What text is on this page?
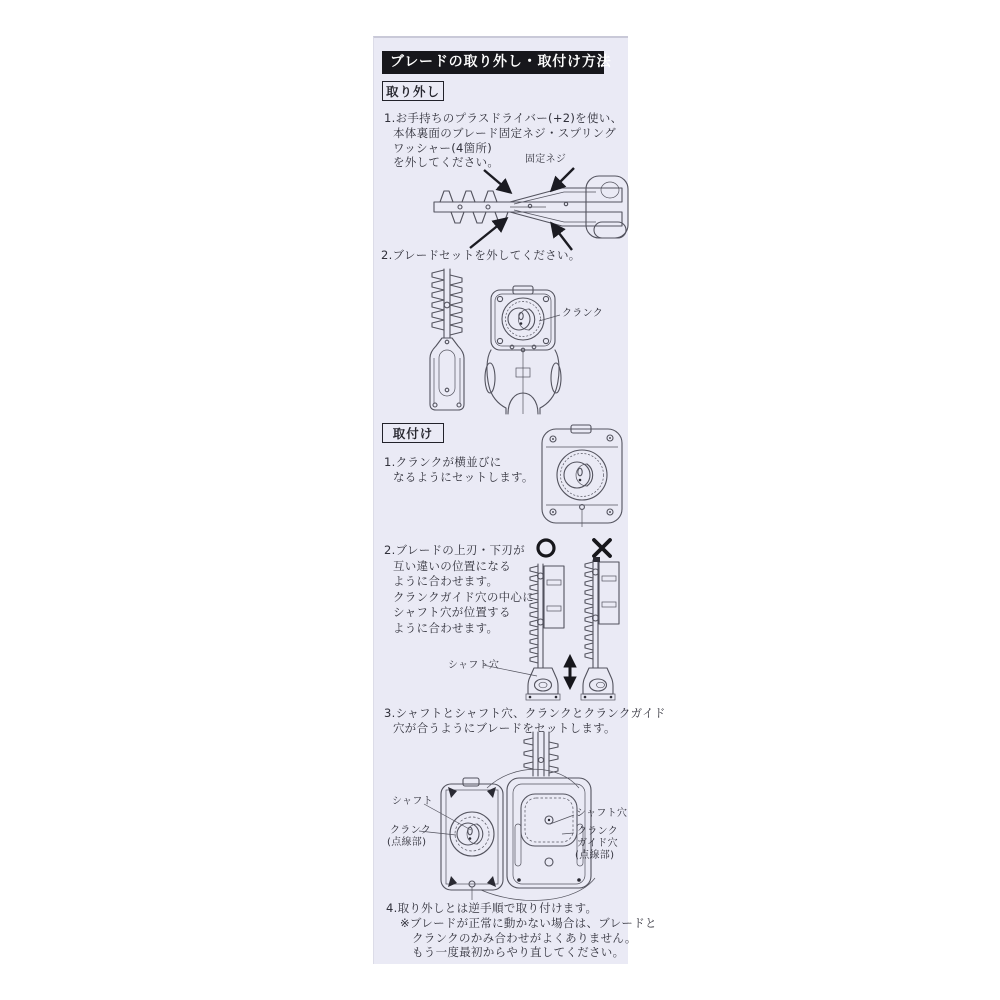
ブレードの取り外し・取付け方法
取り外し
1.お手持ちのプラスドライバー(+2)を使い、
本体裏面のブレード固定ネジ・スプリング
ワッシャー(4箇所)
を外してください。	固定ネジ
2.ブレードセットを外してください。
クランク
取付け
1.クランクが横並びに
なるようにセットします。
2.ブレードの上刃・下刃が
互い違いの位置になる
ように合わせます。
クランクガイド穴の中心に
シャフト穴が位置する
ように合わせます。
シャフト穴
3.シャフトとシャフト穴、クランクとクランクガイド
穴が合うようにブレードをセットします。
シャフト
クランク
(点線部)
シャフト穴
クランク
ガイド穴
(点線部)
4.取り外しとは逆手順で取り付けます。
※ブレードが正常に動かない場合は、ブレードと
クランクのかみ合わせがよくありません。
もう一度最初からやり直してください。
